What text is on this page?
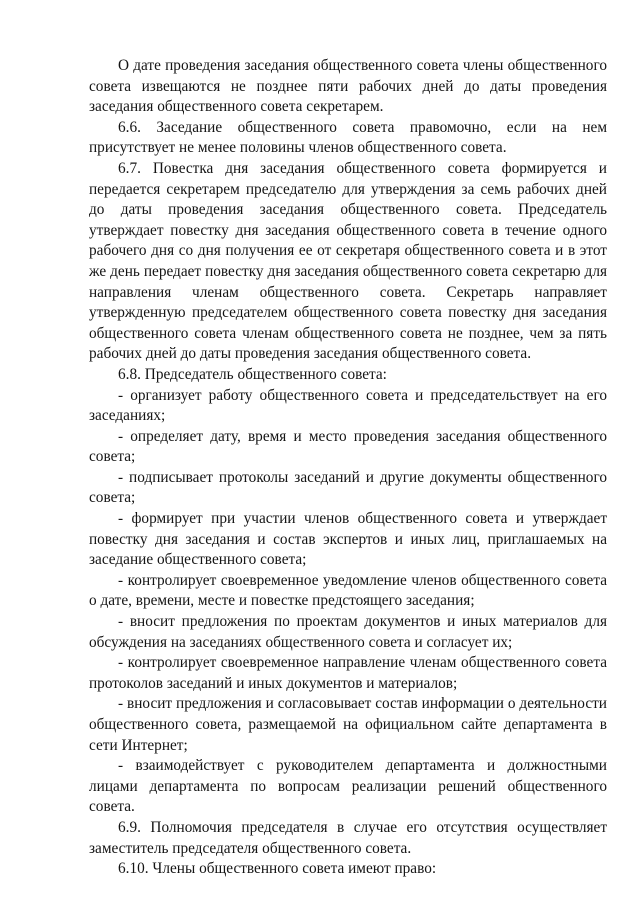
О дате проведения заседания общественного совета члены общественного совета извещаются не позднее пяти рабочих дней до даты проведения заседания общественного совета секретарем.

6.6. Заседание общественного совета правомочно, если на нем присутствует не менее половины членов общественного совета.

6.7. Повестка дня заседания общественного совета формируется и передается секретарем председателю для утверждения за семь рабочих дней до даты проведения заседания общественного совета. Председатель утверждает повестку дня заседания общественного совета в течение одного рабочего дня со дня получения ее от секретаря общественного совета и в этот же день передает повестку дня заседания общественного совета секретарю для направления членам общественного совета. Секретарь направляет утвержденную председателем общественного совета повестку дня заседания общественного совета членам общественного совета не позднее, чем за пять рабочих дней до даты проведения заседания общественного совета.

6.8. Председатель общественного совета:

- организует работу общественного совета и председательствует на его заседаниях;

- определяет дату, время и место проведения заседания общественного совета;

- подписывает протоколы заседаний и другие документы общественного совета;

- формирует при участии членов общественного совета и утверждает повестку дня заседания и состав экспертов и иных лиц, приглашаемых на заседание общественного совета;

- контролирует своевременное уведомление членов общественного совета о дате, времени, месте и повестке предстоящего заседания;

- вносит предложения по проектам документов и иных материалов для обсуждения на заседаниях общественного совета и согласует их;

- контролирует своевременное направление членам общественного совета протоколов заседаний и иных документов и материалов;

- вносит предложения и согласовывает состав информации о деятельности общественного совета, размещаемой на официальном сайте департамента в сети Интернет;

- взаимодействует с руководителем департамента и должностными лицами департамента по вопросам реализации решений общественного совета.

6.9. Полномочия председателя в случае его отсутствия осуществляет заместитель председателя общественного совета.

6.10. Члены общественного совета имеют право:
